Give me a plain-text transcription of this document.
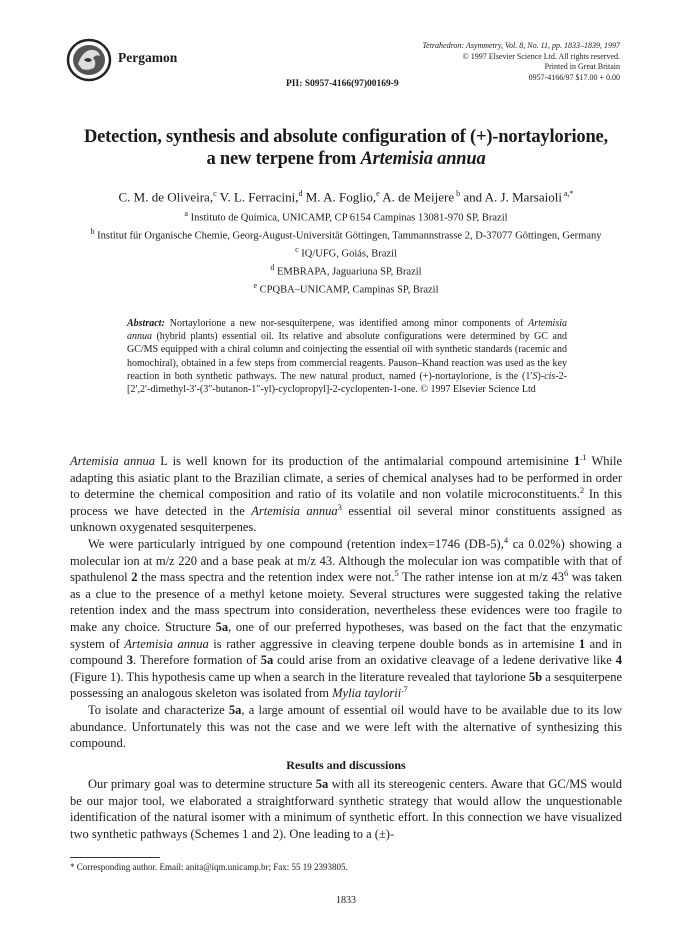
Pergamon
PII: S0957-4166(97)00169-9
Tetrahedron: Asymmetry, Vol. 8, No. 11, pp. 1833–1839, 1997
© 1997 Elsevier Science Ltd. All rights reserved.
Printed in Great Britain
0957-4166/97 $17.00 + 0.00
Detection, synthesis and absolute configuration of (+)-nortaylorione,
a new terpene from Artemisia annua
C. M. de Oliveira,$^c$ V. L. Ferracini,$^d$ M. A. Foglio,$^e$ A. de Meijere $^b$ and A. J. Marsaioli $^{a,*}$
$^a$ Instituto de Química, UNICAMP, CP 6154 Campinas 13081-970 SP, Brazil
$^b$ Institut für Organische Chemie, Georg-August-Universität Göttingen, Tammannstrasse 2, D-37077 Göttingen, Germany
$^c$ IQ/UFG, Goiás, Brazil
$^d$ EMBRAPA, Jaguariuna SP, Brazil
$^e$ CPQBA–UNICAMP, Campinas SP, Brazil
Abstract: Nortaylorione a new nor-sesquiterpene, was identified among minor components of Artemisia annua (hybrid plants) essential oil. Its relative and absolute configurations were determined by GC and GC/MS equipped with a chiral column and coinjecting the essential oil with synthetic standards (racemic and homochiral), obtained in a few steps from commercial reagents. Pauson–Khand reaction was used as the key reaction in both synthetic pathways. The new natural product, named (+)-nortaylorione, is the (1′S)-cis-2-[2′,2′-dimethyl-3′-(3″-butanon-1″-yl)-cyclopropyl]-2-cyclopenten-1-one. © 1997 Elsevier Science Ltd

Artemisia annua L is well known for its production of the antimalarial compound artemisinine $1^{.1}$ While adapting this asiatic plant to the Brazilian climate, a series of chemical analyses had to be performed in order to determine the chemical composition and ratio of its volatile and non volatile microconstituents.$^2$ In this process we have detected in the Artemisia annua$^3$ essential oil several minor constituents assigned as unknown oxygenated sesquiterpenes.

We were particularly intrigued by one compound (retention index=1746 (DB-5),$^4$ ca 0.02%) showing a molecular ion at m/z 220 and a base peak at m/z 43. Although the molecular ion was compatible with that of spathulenol 2 the mass spectra and the retention index were not.$^5$ The rather intense ion at m/z $43^6$ was taken as a clue to the presence of a methyl ketone moiety. Several structures were suggested taking the relative retention index and the mass spectrum into consideration, nevertheless these evidences were too fragile to make any choice. Structure 5a, one of our preferred hypotheses, was based on the fact that the enzymatic system of Artemisia annua is rather aggressive in cleaving terpene double bonds as in artemisine 1 and in compound 3. Therefore formation of 5a could arise from an oxidative cleavage of a ledene derivative like 4 (Figure 1). This hypothesis came up when a search in the literature revealed that taylorione 5b a sesquiterpene possessing an analogous skeleton was isolated from Mylia taylorii$^{.7}$

To isolate and characterize 5a, a large amount of essential oil would have to be available due to its low abundance. Unfortunately this was not the case and we were left with the alternative of synthesizing this compound.

Results and discussions

Our primary goal was to determine structure 5a with all its stereogenic centers. Aware that GC/MS would be our major tool, we elaborated a straightforward synthetic strategy that would allow the unquestionable identification of the natural isomer with a minimum of synthetic effort. In this connection we have visualized two synthetic pathways (Schemes 1 and 2). One leading to a (±)-

* Corresponding author. Email: anita@iqm.unicamp.br; Fax: 55 19 2393805.
1833
